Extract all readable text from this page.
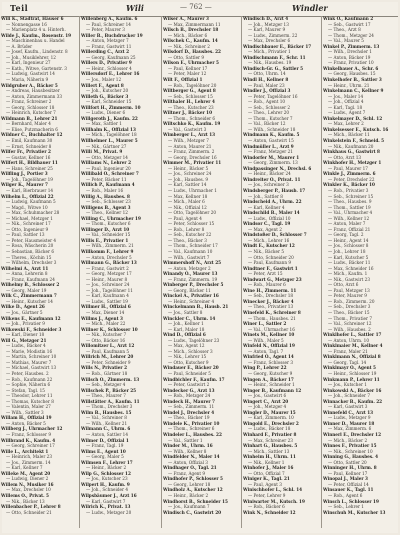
Teil	Wili	— 762 —	Windler
Wili K., Stadtrat, Häuser 6
— Nonnengasse 16
— Marienplatz 4 u. Hinterh.
Wilde J., Kaufm., Rosenstr. 19
— Maschinenbau u. Handel
— A. Brüder
— Josef, Kaufm., Lindenstr. 8
— Joh., Musiklehrer, 12
— Karl, Ingenieur 27
— Kath., Witwe, Gartenstr. 3
— Ludwig, Gastwirt 14
— Maria, Näherin 9
Wildgruber A., Bäcker 5
— Andreas, Hausbesitzer
— Anton, Zimmermann 33
— Franz, Schreiner 2
— Georg, Schlosser 18
— Heinrich, Kutscher 7
Wildmann B., Lehrer 21
— Bernhard, Maler 4
— Elise, Putzmacherin 6
Wildner C., Buchhalter 12
— Emil, Kaufmann 30
— Ernst, Schneider 8
Wilfer Fr., Privatier 2
— Gustav, Kellner 16
Wilfert H., Bildhauer 11
— Hans, Schreiner 25
Wilfling J., Portier 3
— Joh., Tagelöhner 19
Wilger K., Maurer 7
— Karl, Bierbrauer 14
Wilhelm L., Offizial 22
— Ludwig, Kaufmann 5
— Magd., Witwe 10
— Max, Schuhmacher 28
— Michael, Metzger 1
— Nik., Schreiner 17
— Otto, Ingenieur 9
— Paul, Sattler 13
— Peter, Hausmeister 4
— Rosa, Wäscherin 20
— Sebastian, Bäcker 6
— Theres., Köchin 15
— Wilhelm, Drechsler 3
Wilhelmi A., Arzt 11
— Anna, Lehrerin 8
— Franz, Kaufmann 24
Wilhelmy B., Schlosser 2
— Georg, Maler 19
Wilk C., Zimmermann 7
— Heinr., Kutscher 14
Wilke D., Agent 26
— Jos., Gärtner 5
Wilkens E., Kaufmann 12
— Joh., Privatier 9
Wilkowski F., Schneider 3
— Karl, Diener 18
Will G., Metzger 21
— Ludw., Bäcker 4
— Marie, Modistin 16
— Martin, Schreiner 10
— Mathias, Maurer 7
— Michael, Gastwirt 13
— Peter, Hausbes. 2
— Rob., Kaufmann 22
— Sophie, Näherin 6
— Stefan, Tagl. 15
— Theodor, Lehrer 11
— Thomas, Kutscher 8
— Valentin, Maler 27
— Wilh., Sattler 3
Willam H., Offizial 19
— Anton, Bäcker 5
Willberg J., Uhrmacher 12
— Franz, Schlosser 9
Willbrand K., Kaufm. 4
— Georg, Schreiner 17
Wille L., Architekt 1
— Heinrich, Maler 23
— Jos., Zimmerm. 14
— Karl, Kellner 7
Willeke M., Agent 20
— Ludwig, Diener 2
Willem N., Musiker 16
— Max, Drechsler 10
Willems O., Privat. 5
— Nik., Bäcker 13
Willenbacher P., Lehrer 8
— Otto, Schneider 21
Willenberg A., Kaufm. 6
— Paul, Schreiner 14
— Peter, Maurer 3
Willer B., Buchdrucker 19
— Anton, Metzger 7
— Franz, Gastwirt 11
Willerding C., Arzt 2
— Georg, Kaufmann 25
Willers D., Privatier 9
— Heinr., Schlosser 4
Willersdorf E., Lehrer 16
— Jos., Maler 12
Willert F., Agent 8
— Joh., Kutscher 20
Willeth G., Bäcker 3
— Karl, Schneider 15
Willfort H., Zimmerm. 10
— Ludw., Diener 6
Willgeroth J., Kaufm. 22
— Max, Sattler 1
Willhalm K., Offizial 13
— Mich., Tagelöhner 18
Willhelmer L., Maurer 5
— Nik., Gärtner 27
Willi M., Privat. 9
— Otto, Metzger 14
Williams N., Lehrer 2
— Paul, Ingenieur 20
Willibald O., Schreiner 7
— Peter, Bäcker 11
Willich P., Kaufmann 4
— Rob., Maler 16
Willig A., Hausbes. 8
— Seb., Schlosser 23
Willigens B., Agent 3
— Theo., Kellner 12
Willing C., Uhrmacher 19
— Thom., Kutscher 6
Willinger D., Arzt 10
— Val., Schneider 15
Willis E., Privatier 1
— Wilh., Zimmerm. 21
Willkomm F., Lehrer 9
— Anton, Drechsler 5
Willmann G., Bäcker 13
— Franz, Gastwirt 2
— Georg, Metzger 17
— Heinr., Maurer 8
— Jos., Schreiner 24
— Joh., Tagelöhner 11
— Karl, Kaufmann 4
— Ludw., Sattler 19
Willmer H., Offizial 6
— Max, Diener 14
Willms J., Agent 3
— Mich., Maler 22
Willner K., Schlosser 10
— Nik., Kutscher 7
— Otto, Bäcker 16
Willomitzer L., Arzt 12
— Paul, Kaufmann 5
Willrich M., Lehrer 20
— Peter, Schneider 9
Wills N., Privatier 2
— Rob., Gärtner 18
Willsch O., Zimmerm. 13
— Seb., Metzger 4
Willschek P., Bäcker 25
— Theo., Maurer 7
Willstätter A., Kaufm. 11
— Thom., Drechsler 3
Wilm B., Hausbes. 15
— Val., Schreiner 8
— Wilh., Kellner 21
Wilmann C., Uhrm. 6
— Anton, Sattler 14
Wilmer D., Offizial 1
— Franz, Tagl. 19
Wilms E., Agent 10
— Georg, Maler 5
Wilmsen F., Lehrer 17
— Heinr., Bäcker 2
Wilp G., Schlosser 12
— Jos., Kutscher 23
Wilpert H., Kaufm. 9
— Joh., Schneider 4
Wilpsbäumer J., Arzt 16
— Karl, Gastwirt 7
Wilrich K., Privat. 13
— Ludw., Metzger 20
Wilser A., Maurer 3
— Max, Zimmermann 11
Wilsch B., Drechsler 18
— Mich., Bäcker 6
Wilschek C., Kaufm. 14
— Nik., Schreiner 2
Wilsdorf D., Hausbes. 22
— Otto, Sattler 9
Wilson E., Uhrmacher 5
— Paul, Kellner 17
— Peter, Maler 12
Wilt F., Offizial 1
— Rob., Tagelöhner 20
Wiltberger G., Agent 8
— Seb., Schlosser 15
Wilthaler H., Lehrer 4
— Theo., Kutscher 23
Wiltner J., Bäcker 10
— Thom., Schneider 6
Wiltschko K., Kaufm. 19
— Val., Gastwirt 3
Wimberger L., Arzt 13
— Wilh., Metzger 7
— Anton, Maurer 21
— Franz, Zimmerm. 2
— Georg, Drechsler 16
Wimmer M., Privatier 11
— Heinr., Bäcker 5
— Jos., Schreiner 24
— Joh., Hausbes. 9
— Karl, Sattler 14
— Ludw., Uhrmacher 1
— Max, Kellner 18
— Mich., Maler 6
— Nik., Offizial 12
— Otto, Tagelöhner 20
— Paul, Agent 4
— Peter, Schlosser 15
— Rob., Lehrer 8
— Seb., Kutscher 22
— Theo., Bäcker 3
— Thom., Schneider 17
— Val., Kaufmann 10
— Wilh., Gastwirt 7
Wimmershoff N., Arzt 25
— Anton, Metzger 2
Winandy O., Maurer 13
— Franz, Zimmerm. 19
Winberger P., Drechsler 5
— Georg, Bäcker 11
Winckel A., Privatier 16
— Heinr., Schreiner 4
Winckelmann B., Hausb. 21
— Jos., Sattler 8
Winckler C., Uhrm. 14
— Joh., Kellner 1
— Karl, Maler 18
Wind D., Offizial 6
— Ludw., Tagelöhner 23
— Max, Agent 12
— Mich., Schlosser 3
— Nik., Lehrer 15
— Otto, Kutscher 9
Windauer E., Bäcker 20
— Paul, Schneider 5
Windbichler F., Kaufm. 17
— Peter, Gastwirt 2
Windecker G., Arzt 13
— Rob., Metzger 24
Windeck H., Maurer 7
— Seb., Zimmerm. 11
Windel J., Drechsler 4
— Theo., Bäcker 19
Windele K., Privatier 10
— Thom., Schreiner 6
Windeler L., Hausbes. 22
— Val., Sattler 1
Winder M., Uhrm. 16
— Wilh., Kellner 8
Windfelder N., Maler 14
— Anton, Offizial 3
Windhager O., Tagl. 21
— Franz, Agent 9
Windhofer P., Schlosser 5
— Georg, Lehrer 18
Windholz A., Kutscher 12
— Heinr., Bäcker 2
Windhorst B., Schneider 15
— Jos., Kaufmann 7
Windisch C., Gastwirt 20
Windisch D., Arzt 4
— Joh., Metzger 13
— Karl, Maurer 9
— Ludw., Zimmerm. 22
— Max, Drechsler 6
Windischbauer E., Bäcker 17
— Mich., Privatier 1
Windischmann F., Schr. 11
— Nik., Hausbes. 19
Windisch-Gr. G., Sattler 5
— Otto, Uhrm. 14
Windl H., Kellner 8
— Paul, Maler 23
Windler J., Offizial 3
— Peter, Tagelöhner 16
— Rob., Agent 10
— Seb., Schlosser 2
— Theo., Lehrer 20
— Thom., Kutscher 7
— Val., Bäcker 12
— Wilh., Schneider 18
Windmann K., Kaufm. 5
— Anton, Gastwirt 15
Windmüller L., Arzt 9
— Franz, Metzger 21
Windorfer M., Maurer 1
— Georg, Zimmerm. 13
Windpassinger N., Drechsl. 6
— Heinr., Bäcker 24
Windreiter O., Privat. 11
— Jos., Schreiner 3
Windsberger P., Hausb. 17
— Joh., Sattler 8
Windscheid A., Uhrm. 22
— Karl, Kellner 4
Windschild B., Maler 14
— Ludw., Offizial 10
Windsor C., Tagl. 19
— Max, Agent 2
Windstoßer D., Schlosser 7
— Mich., Lehrer 16
Windt E., Kutscher 12
— Nik., Bäcker 5
— Otto, Schneider 20
— Paul, Kaufmann 9
Windtner F., Gastwirt 1
— Peter, Arzt 15
Windwart G., Metzger 23
— Rob., Maurer 6
Wine H., Zimmerm. 11
— Seb., Drechsler 18
Winecker J., Bäcker 4
— Theo., Privatier 13
Winefeld K., Schreiner 8
— Thom., Hausbes. 21
Winer L., Sattler 2
— Val., Uhrmacher 16
Winets M., Kellner 10
— Wilh., Maler 5
Winfeld N., Offizial 19
— Anton, Tagl. 7
Winfried O., Agent 14
— Franz, Schlosser 3
Wing P., Lehrer 22
— Georg, Kutscher 9
Wingen A., Bäcker 17
— Heinr., Schneider 1
Winger B., Kaufmann 12
— Jos., Gastwirt 6
Wingert C., Arzt 20
— Joh., Metzger 4
Wingler D., Maurer 15
— Karl, Zimmerm. 10
Wingold E., Drechsler 2
— Ludw., Bäcker 18
Winhard F., Privatier 8
— Max, Schreiner 23
Winhart G., Hausbes. 5
— Mich., Sattler 13
Winheim H., Uhrm. 11
— Nik., Kellner 1
Winhofer J., Maler 16
— Otto, Offizial 7
Winiger K., Tagl. 21
— Paul, Agent 3
Winischhofer L., Schl. 14
— Peter, Lehrer 9
Winiwarter M., Kutsch. 19
— Rob., Bäcker 6
Wink N., Schneider 12
Wink O., Kaufmann 2
— Seb., Gastwirt 17
— Theo., Arzt 8
— Thom., Metzger 24
— Val., Maurer 5
Winkel P., Zimmerm. 13
— Wilh., Drechsler 1
— Anton, Bäcker 19
— Franz, Privatier 10
Winkelbauer A., Schr. 6
— Georg, Hausbes. 15
Winkelhofer B., Sattler 3
— Heinr., Uhrm. 21
Winkelmann C., Kellner 9
— Jos., Maler 14
— Joh., Offizial 4
— Karl, Tagl. 18
— Ludw., Agent 7
Winkelmayer D., Schl. 12
— Max, Lehrer 2
Winkelsesser E., Kutsch. 16
— Mich., Bäcker 11
Winkelstein F., Schneid. 5
— Nik., Kaufmann 20
Winkhaus G., Gastwirt 8
— Otto, Arzt 13
Winkhofer H., Metzger 1
— Paul, Maurer 17
Winkle J., Zimmerm. 6
— Peter, Drechsler 22
Winkler K., Bäcker 10
— Rob., Privatier 3
— Seb., Schreiner 15
— Theo., Hausbes. 9
— Thom., Sattler 19
— Val., Uhrmacher 4
— Wilh., Kellner 12
— Anton, Maler 7
— Franz, Offizial 21
— Georg, Tagl. 2
— Heinr., Agent 14
— Jos., Schlosser 8
— Joh., Lehrer 18
— Karl, Kutscher 5
— Ludw., Bäcker 11
— Max, Schneider 16
— Mich., Kaufm. 1
— Nik., Gastwirt 23
— Otto, Arzt 6
— Paul, Metzger 13
— Peter, Maurer 9
— Rob., Zimmerm. 20
— Seb., Drechsler 3
— Theo., Bäcker 15
— Thom., Privatier 7
— Val., Schreiner 12
— Wilh., Hausbes. 2
Winklhofer L., Sattler 17
— Anton, Uhrm. 10
Winklmaier M., Kellner 4
— Franz, Maler 21
Winklmann N., Offizial 8
— Georg, Tagl. 14
Winklmayr O., Agent 5
— Heinr., Schlosser 19
Winkmann P., Lehrer 11
— Jos., Kutscher 1
Winkowski A., Bäcker 16
— Joh., Schneider 7
Winnacker B., Kaufm. 22
— Karl, Gastwirt 3
Winnefeld C., Arzt 13
— Ludw., Metzger 9
Winner D., Maurer 18
— Max, Zimmerm. 6
Winnerl E., Drechsler 12
— Mich., Bäcker 2
Winnes F., Privatier 15
— Nik., Schreiner 10
Winning G., Hausbes. 4
— Otto, Sattler 20
Winninger H., Uhrm. 8
— Paul, Kellner 17
Winopal J., Maler 3
— Peter, Offizial 14
Winsauer K., Tagl. 11
— Rob., Agent 6
Winsch L., Schlosser 19
— Seb., Lehrer 1
Winschuh M., Kutscher 13
